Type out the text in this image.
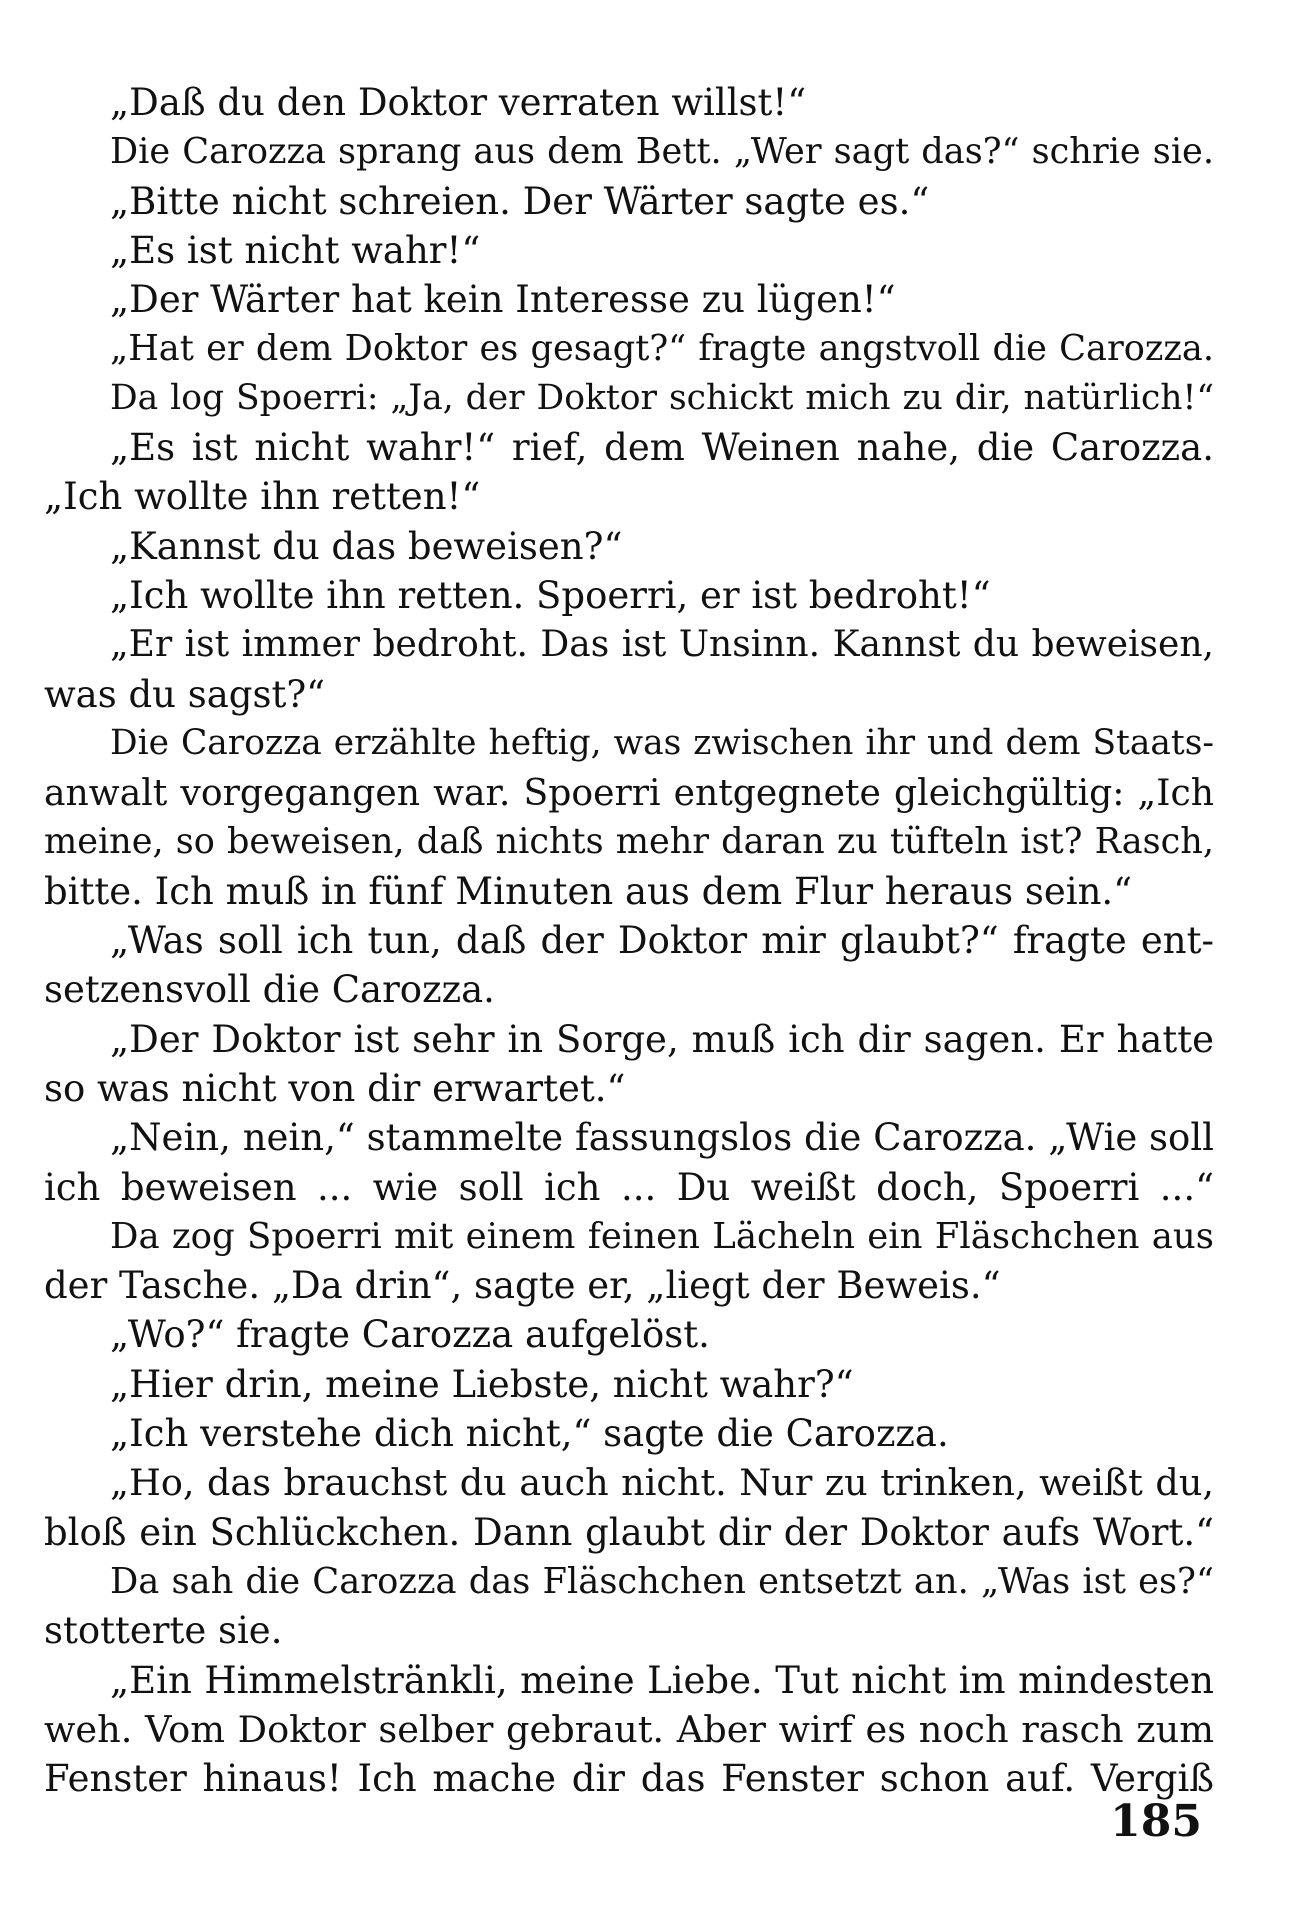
„Daß du den Doktor verraten willst!“
Die Carozza sprang aus dem Bett. „Wer sagt das?“ schrie sie.
„Bitte nicht schreien. Der Wärter sagte es.“
„Es ist nicht wahr!“
„Der Wärter hat kein Interesse zu lügen!“
„Hat er dem Doktor es gesagt?“ fragte angstvoll die Carozza.
Da log Spoerri: „Ja, der Doktor schickt mich zu dir, natürlich!“
„Es ist nicht wahr!“ rief, dem Weinen nahe, die Carozza.
„Ich wollte ihn retten!“
„Kannst du das beweisen?“
„Ich wollte ihn retten. Spoerri, er ist bedroht!“
„Er ist immer bedroht. Das ist Unsinn. Kannst du beweisen,
was du sagst?“
Die Carozza erzählte heftig, was zwischen ihr und dem Staats-
anwalt vorgegangen war. Spoerri entgegnete gleichgültig: „Ich
meine, so beweisen, daß nichts mehr daran zu tüfteln ist? Rasch,
bitte. Ich muß in fünf Minuten aus dem Flur heraus sein.“
„Was soll ich tun, daß der Doktor mir glaubt?“ fragte ent-
setzensvoll die Carozza.
„Der Doktor ist sehr in Sorge, muß ich dir sagen. Er hatte
so was nicht von dir erwartet.“
„Nein, nein,“ stammelte fassungslos die Carozza. „Wie soll
ich beweisen ... wie soll ich ... Du weißt doch, Spoerri ...“
Da zog Spoerri mit einem feinen Lächeln ein Fläschchen aus
der Tasche. „Da drin“, sagte er, „liegt der Beweis.“
„Wo?“ fragte Carozza aufgelöst.
„Hier drin, meine Liebste, nicht wahr?“
„Ich verstehe dich nicht,“ sagte die Carozza.
„Ho, das brauchst du auch nicht. Nur zu trinken, weißt du,
bloß ein Schlückchen. Dann glaubt dir der Doktor aufs Wort.“
Da sah die Carozza das Fläschchen entsetzt an. „Was ist es?“
stotterte sie.
„Ein Himmelstränkli, meine Liebe. Tut nicht im mindesten
weh. Vom Doktor selber gebraut. Aber wirf es noch rasch zum
Fenster hinaus! Ich mache dir das Fenster schon auf. Vergiß
185
